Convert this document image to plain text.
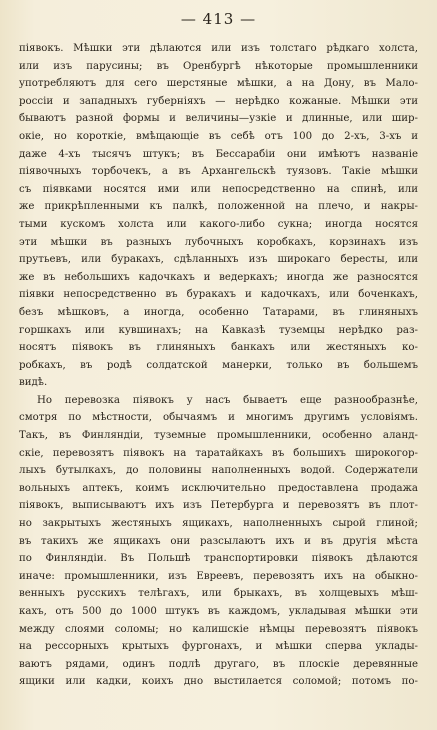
— 413 —
піявокъ. Мѣшки эти дѣлаются или изъ толстаго рѣдкаго холста,
или изъ парусины; въ Оренбургѣ нѣкоторые промышленники
употребляютъ для сего шерстяные мѣшки, а на Дону, въ Мало-
россіи и западныхъ губерніяхъ — нерѣдко кожаные. Мѣшки эти
бываютъ разной формы и величины—узкіе и длинные, или шир-
окіе, но короткіе, вмѣщающіе въ себѣ отъ 100 до 2-хъ, 3-хъ и
даже 4-хъ тысячъ штукъ; въ Бессарабіи они имѣютъ названіе
піявочныхъ торбочекъ, а въ Архангельскѣ туязовъ. Такіе мѣшки
съ піявками носятся ими или непосредственно на спинѣ, или
же прикрѣпленными къ палкѣ, положенной на плечо, и накры-
тыми кускомъ холста или какого-либо сукна; иногда носятся
эти мѣшки въ разныхъ лубочныхъ коробкахъ, корзинахъ изъ
прутьевъ, или буракахъ, сдѣланныхъ изъ широкаго бересты, или
же въ небольшихъ кадочкахъ и ведеркахъ; иногда же разносятся
піявки непосредственно въ буракахъ и кадочкахъ, или боченкахъ,
безъ мѣшковъ, а иногда, особенно Татарами, въ глиняныхъ
горшкахъ или кувшинахъ; на Кавказѣ туземцы нерѣдко раз-
носятъ піявокъ въ глиняныхъ банкахъ или жестяныхъ ко-
робкахъ, въ родѣ солдатской манерки, только въ большемъ
видѣ.
Но перевозка піявокъ у насъ бываетъ еще разнообразнѣе,
смотря по мѣстности, обычаямъ и многимъ другимъ условіямъ.
Такъ, въ Финляндіи, туземные промышленники, особенно аланд-
скіе, перевозятъ піявокъ на таратайкахъ въ большихъ широкогор-
лыхъ бутылкахъ, до половины наполненныхъ водой. Содержатели
вольныхъ аптекъ, коимъ исключительно предоставлена продажа
піявокъ, выписываютъ ихъ изъ Петербурга и перевозятъ въ плот-
но закрытыхъ жестяныхъ ящикахъ, наполненныхъ сырой глиной;
въ такихъ же ящикахъ они разсылаютъ ихъ и въ другія мѣста
по Финляндіи. Въ Польшѣ транспортировки піявокъ дѣлаются
иначе: промышленники, изъ Евреевъ, перевозятъ ихъ на обыкно-
венныхъ русскихъ телѣгахъ, или брыкахъ, въ холщевыхъ мѣш-
кахъ, отъ 500 до 1000 штукъ въ каждомъ, укладывая мѣшки эти
между слоями соломы; но калишскіе нѣмцы перевозятъ піявокъ
на рессорныхъ крытыхъ фургонахъ, и мѣшки сперва уклады-
ваютъ рядами, одинъ подлѣ другаго, въ плоскіе деревянные
ящики или кадки, коихъ дно выстилается соломой; потомъ по-
